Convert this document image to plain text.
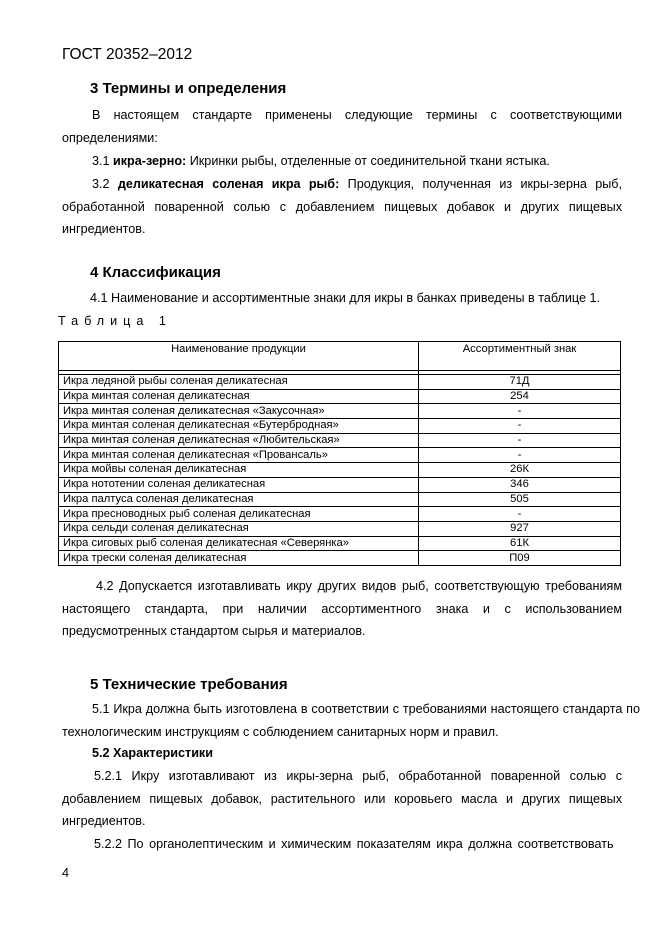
ГОСТ 20352–2012
3 Термины и определения
В настоящем стандарте применены следующие термины с соответствующими определениями:
3.1 икра-зерно: Икринки рыбы, отделенные от соединительной ткани ястыка.
3.2 деликатесная соленая икра рыб: Продукция, полученная из икры-зерна рыб, обработанной поваренной солью с добавлением пищевых добавок и других пищевых ингредиентов.
4 Классификация
4.1 Наименование и ассортиментные знаки для икры в банках приведены в таблице 1.
Таблица 1
Наименование продукции	Ассортиментный знак

Икра ледяной рыбы соленая деликатесная	71Д
Икра минтая соленая деликатесная	254
Икра минтая соленая деликатесная «Закусочная»	-
Икра минтая соленая деликатесная «Бутербродная»	-
Икра минтая соленая деликатесная «Любительская»	-
Икра минтая соленая деликатесная «Провансаль»	-
Икра мойвы соленая деликатесная	26К
Икра нототении соленая деликатесная	346
Икра палтуса соленая деликатесная	505
Икра пресноводных рыб соленая деликатесная	-
Икра сельди соленая деликатесная	927
Икра сиговых рыб соленая деликатесная «Северянка»	61К
Икра трески соленая деликатесная	П09
4.2 Допускается изготавливать икру других видов рыб, соответствующую требованиям настоящего стандарта, при наличии ассортиментного знака и с использованием предусмотренных стандартом сырья и материалов.
5 Технические требования
5.1 Икра должна быть изготовлена в соответствии с требованиями настоящего стандарта по технологическим инструкциям с соблюдением санитарных норм и правил.
5.2 Характеристики
5.2.1 Икру изготавливают из икры-зерна рыб, обработанной поваренной солью с добавлением пищевых добавок, растительного или коровьего масла и других пищевых ингредиентов.
5.2.2 По органолептическим и химическим показателям икра должна соответствовать
4
